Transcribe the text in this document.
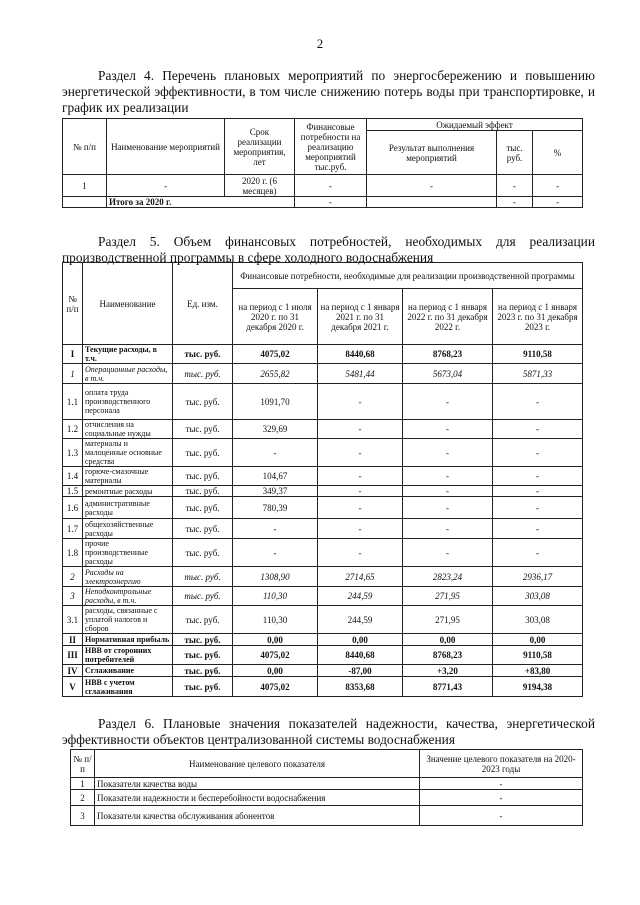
2
Раздел 4. Перечень плановых мероприятий по энергосбережению и повышению энергетической эффективности, в том числе снижению потерь воды при транспортировке, и график их реализации
№ п/п	Наименование мероприятий	Срок реализации мероприятия, лет	Финансовые потребности на реализацию мероприятий тыс.руб.	Ожидаемый эффект		
				Результат выполнения мероприятий	тыс. руб.	%
1	-	2020 г. (6 месяцев)	-	-	-	-
	Итого за 2020 г.		-		-	-
Раздел 5. Объем финансовых потребностей, необходимых для реализации производственной программы в сфере холодного водоснабжения
№ п/п	Наименование	Ед. изм.	Финансовые потребности, необходимые для реализации производственной программы			
			на период с 1 июля 2020 г. по 31 декабря 2020 г.	на период с 1 января 2021 г. по 31 декабря 2021 г.	на период с 1 января 2022 г. по 31 декабря 2022 г.	на период с 1 января 2023 г. по 31 декабря 2023 г.
I	Текущие расходы, в т.ч.	тыс. руб.	4075,02	8440,68	8768,23	9110,58
1	Операционные расходы, в т.ч.	тыс. руб.	2655,82	5481,44	5673,04	5871,33
1.1	оплата труда производственного персонала	тыс. руб.	1091,70	-	-	-
1.2	отчисления на социальные нужды	тыс. руб.	329,69	-	-	-
1.3	материалы и малоценные основные средства	тыс. руб.	-	-	-	-
1.4	горюче-смазочные материалы	тыс. руб.	104,67	-	-	-
1.5	ремонтные расходы	тыс. руб.	349,37	-	-	-
1.6	административные расходы	тыс. руб.	780,39	-	-	-
1.7	общехозяйственные расходы	тыс. руб.	-	-	-	-
1.8	прочие производственные расходы	тыс. руб.	-	-	-	-
2	Расходы на электроэнергию	тыс. руб.	1308,90	2714,65	2823,24	2936,17
3	Неподконтрольные расходы, в т.ч.	тыс. руб.	110,30	244,59	271,95	303,08
3.1	расходы, связанные с уплатой налогов и сборов	тыс. руб.	110,30	244,59	271,95	303,08
II	Нормативная прибыль	тыс. руб.	0,00	0,00	0,00	0,00
III	НВВ от сторонних потребителей	тыс. руб.	4075,02	8440,68	8768,23	9110,58
IV	Сглаживание	тыс. руб.	0,00	-87,00	+3,20	+83,80
V	НВВ с учетом сглаживания	тыс. руб.	4075,02	8353,68	8771,43	9194,38
Раздел 6. Плановые значения показателей надежности, качества, энергетической эффективности объектов централизованной системы водоснабжения
№ п/п	Наименование целевого показателя	Значение целевого показателя на 2020-2023 годы
1	Показатели качества воды	-
2	Показатели надежности и бесперебойности водоснабжения	-
3	Показатели качества обслуживания абонентов	-
